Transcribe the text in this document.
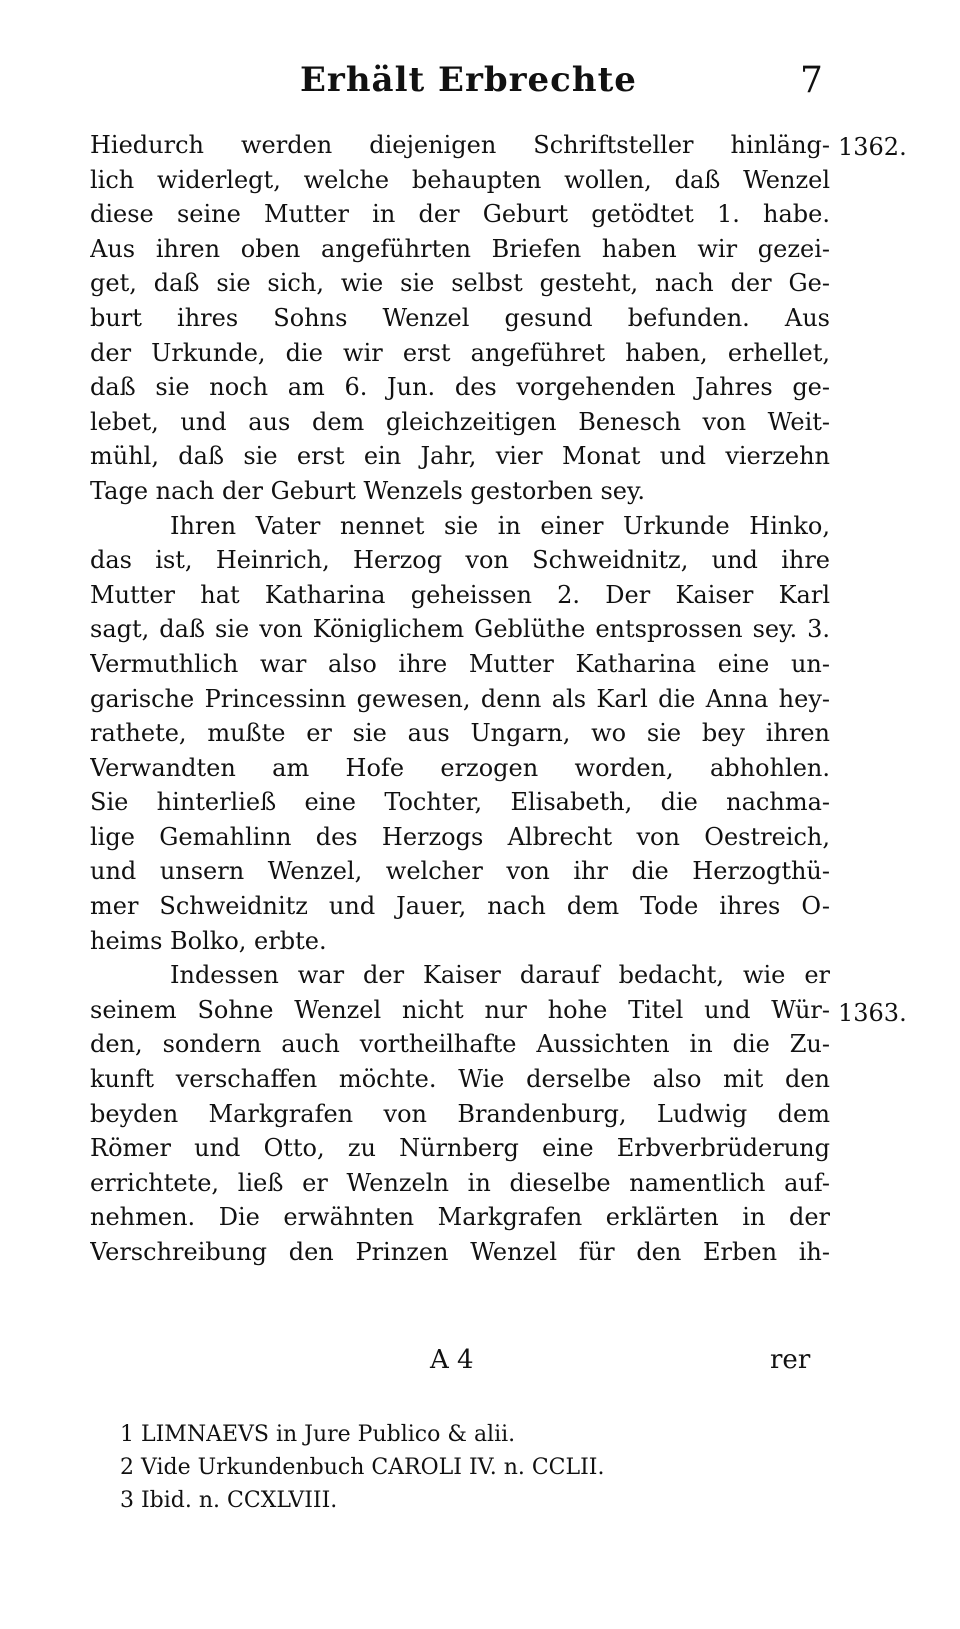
Erhält Erbrechte	7
1362.
1363.
Hiedurch werden diejenigen Schriftsteller hinläng-
lich widerlegt, welche behaupten wollen, daß Wenzel
diese seine Mutter in der Geburt getödtet 1. habe.
Aus ihren oben angeführten Briefen haben wir gezei-
get, daß sie sich, wie sie selbst gesteht, nach der Ge-
burt ihres Sohns Wenzel gesund befunden. Aus
der Urkunde, die wir erst angeführet haben, erhellet,
daß sie noch am 6. Jun. des vorgehenden Jahres ge-
lebet, und aus dem gleichzeitigen Benesch von Weit-
mühl, daß sie erst ein Jahr, vier Monat und vierzehn
Tage nach der Geburt Wenzels gestorben sey.
Ihren Vater nennet sie in einer Urkunde Hinko,
das ist, Heinrich, Herzog von Schweidnitz, und ihre
Mutter hat Katharina geheissen 2. Der Kaiser Karl
sagt, daß sie von Königlichem Geblüthe entsprossen sey. 3.
Vermuthlich war also ihre Mutter Katharina eine un-
garische Princessinn gewesen, denn als Karl die Anna hey-
rathete, mußte er sie aus Ungarn, wo sie bey ihren
Verwandten am Hofe erzogen worden, abhohlen.
Sie hinterließ eine Tochter, Elisabeth, die nachma-
lige Gemahlinn des Herzogs Albrecht von Oestreich,
und unsern Wenzel, welcher von ihr die Herzogthü-
mer Schweidnitz und Jauer, nach dem Tode ihres O-
heims Bolko, erbte.
Indessen war der Kaiser darauf bedacht, wie er
seinem Sohne Wenzel nicht nur hohe Titel und Wür-
den, sondern auch vortheilhafte Aussichten in die Zu-
kunft verschaffen möchte. Wie derselbe also mit den
beyden Markgrafen von Brandenburg, Ludwig dem
Römer und Otto, zu Nürnberg eine Erbverbrüderung
errichtete, ließ er Wenzeln in dieselbe namentlich auf-
nehmen. Die erwähnten Markgrafen erklärten in der
Verschreibung den Prinzen Wenzel für den Erben ih-
A 4	rer
1 LIMNAEVS in Jure Publico & alii.
2 Vide Urkundenbuch CAROLI IV. n. CCLII.
3 Ibid. n. CCXLVIII.
